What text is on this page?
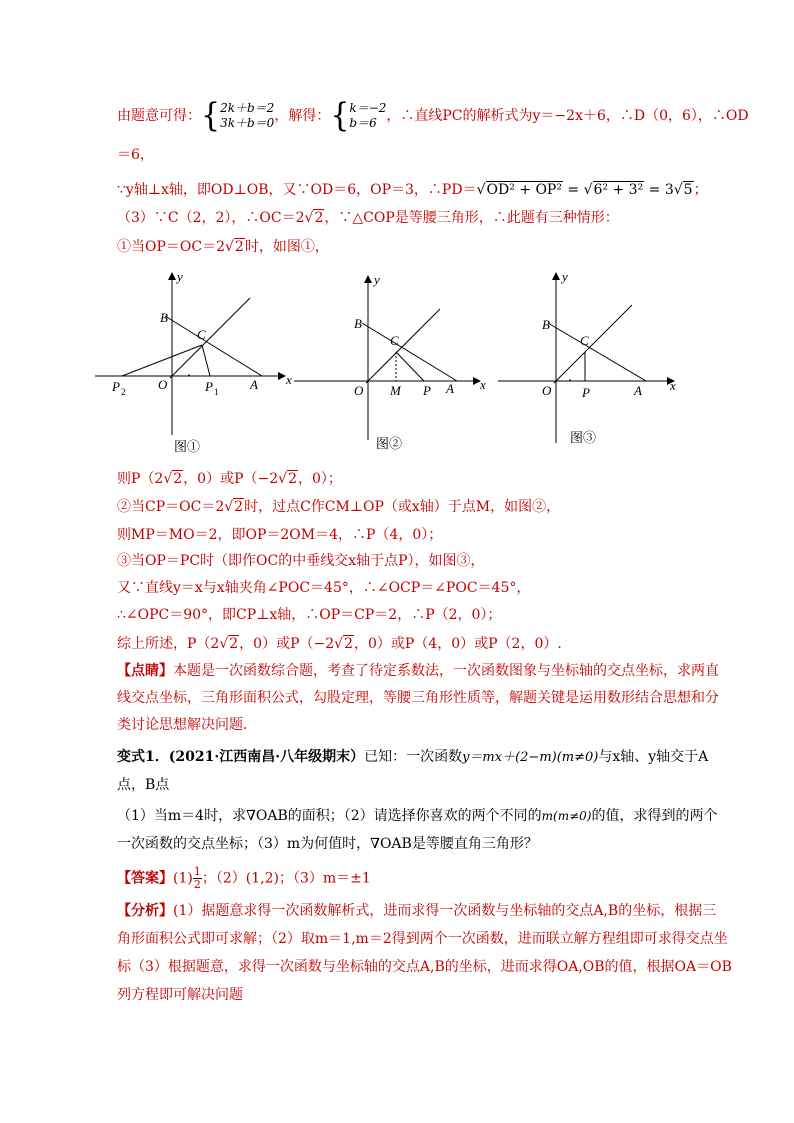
由题意可得：{2k＋b＝2
3k＋b＝0，解得：{k＝−2
b＝6 ，∴直线PC的解析式为y＝−2x＋6，∴D（0，6），∴OD
＝6，
∵y轴⊥x轴，即OD⊥OB，又∵OD＝6，OP＝3，∴PD＝√OD² + OP² = √6² + 3² = 3√5；
（3）∵C（2，2），∴OC＝2√2，∵△COP是等腰三角形，∴此题有三种情形：
①当OP＝OC＝2√2时，如图①，
y
x
B
C
O
P 2	P 1 A
图①
y
x
B
C
O M P A
图②
y
x
B
C
O P	A
图③
则P（2√2，0）或P（−2√2，0）；
②当CP＝OC＝2√2时，过点C作CM⊥OP（或x轴）于点M，如图②，
则MP＝MO＝2，即OP＝2OM＝4，∴P（4，0）；
③当OP＝PC时（即作OC的中垂线交x轴于点P），如图③，
又∵直线y＝x与x轴夹角∠POC＝45°，∴∠OCP＝∠POC＝45°，
∴∠OPC＝90°，即CP⊥x轴，∴OP＝CP＝2，∴P（2，0）；
综上所述，P（2√2，0）或P（−2√2，0）或P（4，0）或P（2，0）.
【点睛】本题是一次函数综合题，考查了待定系数法，一次函数图象与坐标轴的交点坐标，求两直
线交点坐标，三角形面积公式，勾股定理，等腰三角形性质等，解题关键是运用数形结合思想和分
类讨论思想解决问题．
变式1．(2021·江西南昌·八年级期末）已知：一次函数y＝mx＋(2−m)(m≠0)与x轴、y轴交于A
点，B点
（1）当m＝4时，求∇OAB的面积；（2）请选择你喜欢的两个不同的m(m≠0)的值，求得到的两个
一次函数的交点坐标；（3）m为何值时，∇OAB是等腰直角三角形？
【答案】$(1) \frac{1}{2}$ ；（2）(1,2)；（3）m＝±1
【分析】(1）据题意求得一次函数解析式，进而求得一次函数与坐标轴的交点A,B的坐标，根据三
角形面积公式即可求解；（2）取m＝1,m＝2得到两个一次函数，进而联立解方程组即可求得交点坐
标（3）根据题意，求得一次函数与坐标轴的交点A,B的坐标，进而求得OA,OB的值，根据OA＝OB
列方程即可解决问题
